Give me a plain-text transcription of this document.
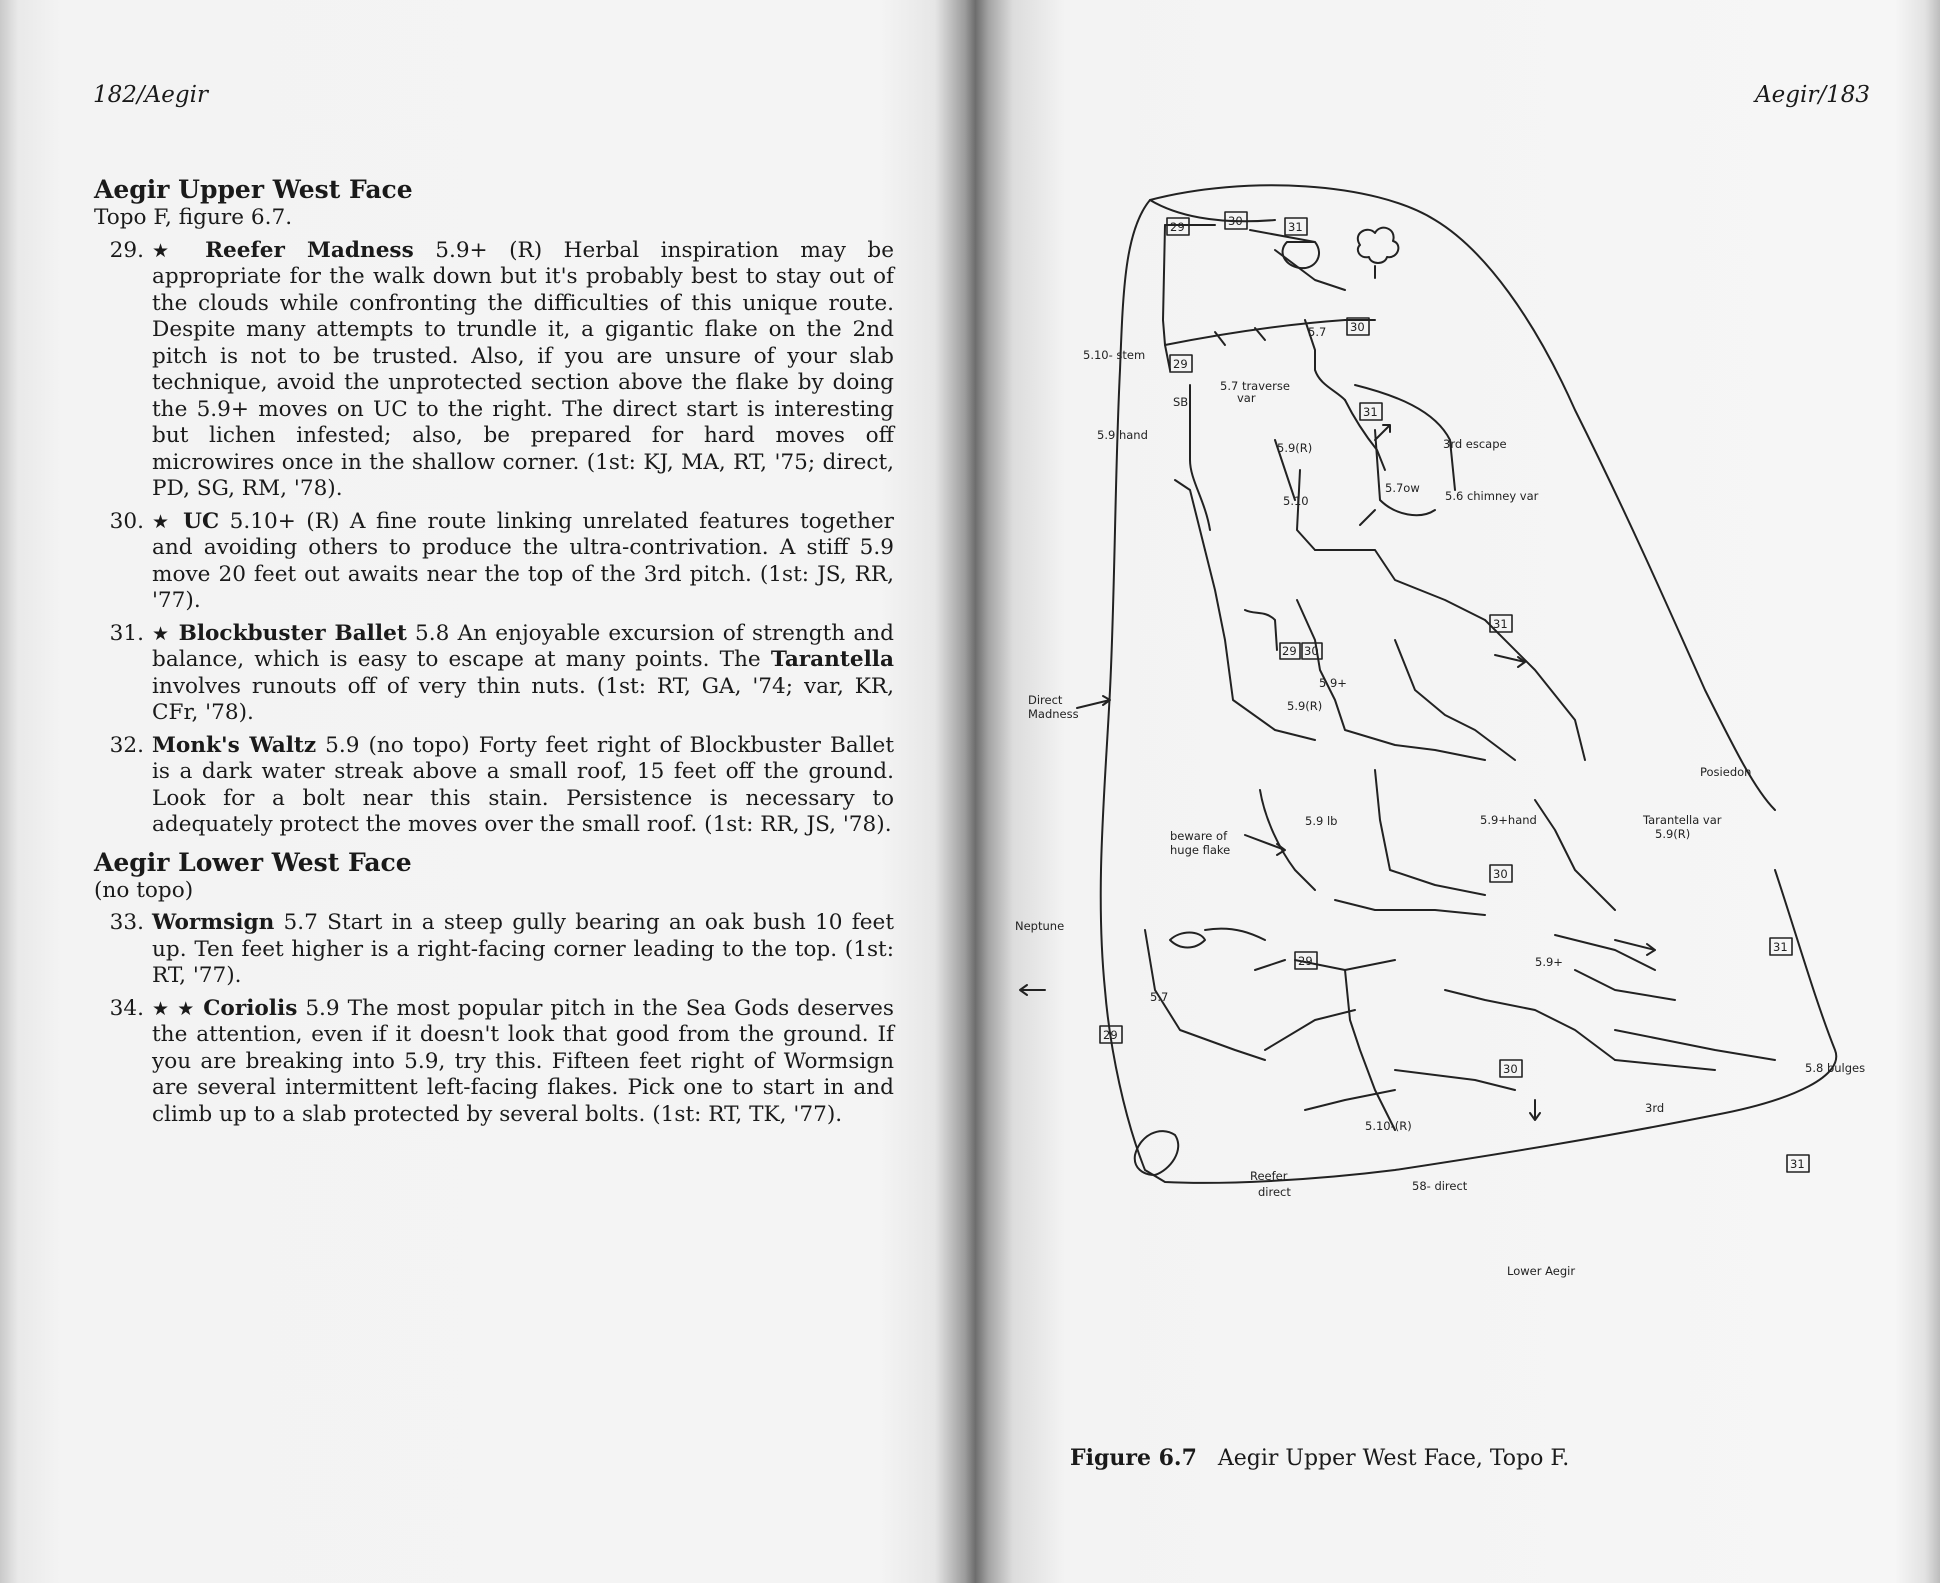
182/Aegir
Aegir Upper West Face
Topo F, figure 6.7.
29. ★ Reefer Madness 5.9+ (R) Herbal inspiration may be appropriate for the walk down but it's probably best to stay out of the clouds while confronting the difficulties of this unique route. Despite many attempts to trundle it, a gigantic flake on the 2nd pitch is not to be trusted. Also, if you are unsure of your slab technique, avoid the unprotected section above the flake by doing the 5.9+ moves on UC to the right. The direct start is interesting but lichen infested; also, be prepared for hard moves off microwires once in the shallow corner. (1st: KJ, MA, RT, '75; direct, PD, SG, RM, '78).
30. ★ UC 5.10+ (R) A fine route linking unrelated features together and avoiding others to produce the ultra-contrivation. A stiff 5.9 move 20 feet out awaits near the top of the 3rd pitch. (1st: JS, RR, '77).
31. ★ Blockbuster Ballet 5.8 An enjoyable excursion of strength and balance, which is easy to escape at many points. The Tarantella involves runouts off of very thin nuts. (1st: RT, GA, '74; var, KR, CFr, '78).
32. Monk's Waltz 5.9 (no topo) Forty feet right of Blockbuster Ballet is a dark water streak above a small roof, 15 feet off the ground. Look for a bolt near this stain. Persistence is necessary to adequately protect the moves over the small roof. (1st: RR, JS, '78).
Aegir Lower West Face
(no topo)
33. Wormsign 5.7 Start in a steep gully bearing an oak bush 10 feet up. Ten feet higher is a right-facing corner leading to the top. (1st: RT, '77).
34. ★ ★ Coriolis 5.9 The most popular pitch in the Sea Gods deserves the attention, even if it doesn't look that good from the ground. If you are breaking into 5.9, try this. Fifteen feet right of Wormsign are several intermittent left-facing flakes. Pick one to start in and climb up to a slab protected by several bolts. (1st: RT, TK, '77).
Aegir/183
29	30	31
29
30
31
29 30
31
30
31
29
29
30
31
5.10- stem
5.9 hand
5.7 traverse
var
SB
5.7
5.9(R)
5.10
5.7ow
3rd escape
5.6 chimney var
Direct
Madness
5.9+
5.9(R)
Posiedon
5.9 lb	5.9+hand	Tarantella var
5.9(R)
beware of
huge flake
Neptune
5.9+
5.7
5.8 bulges
3rd
5.10-(R)
Reefer
direct	58- direct
Lower Aegir
Figure 6.7 Aegir Upper West Face, Topo F.
